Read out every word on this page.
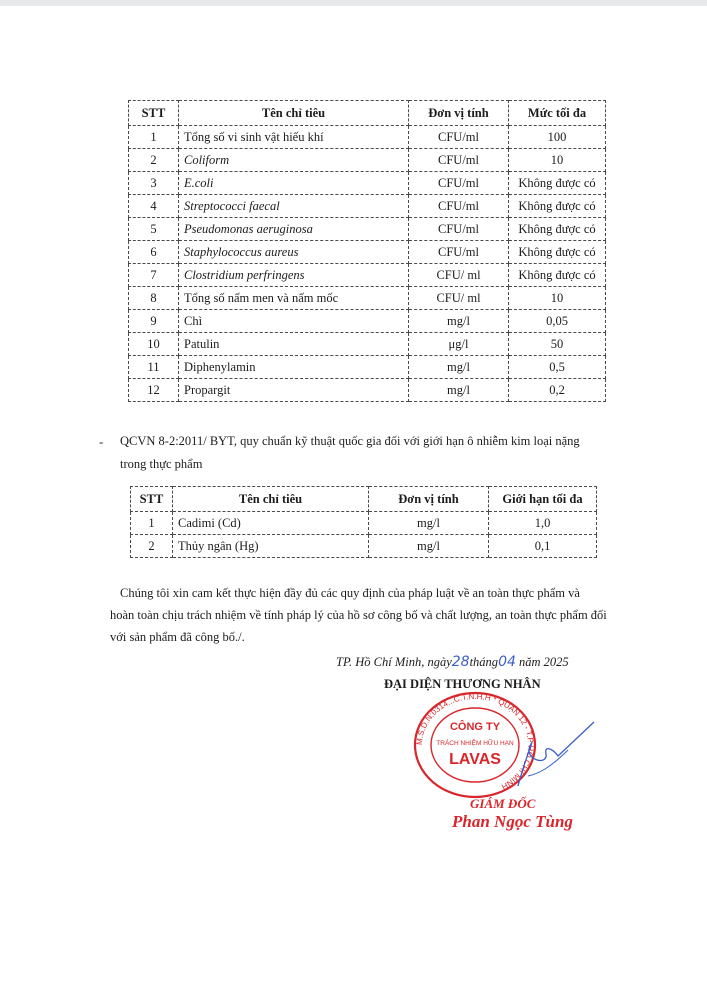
STT	Tên chỉ tiêu	Đơn vị tính	Mức tối đa
1	Tổng số vi sinh vật hiếu khí	CFU/ml	100
2	Coliform	CFU/ml	10
3	E.coli	CFU/ml	Không được có
4	Streptococci faecal	CFU/ml	Không được có
5	Pseudomonas aeruginosa	CFU/ml	Không được có
6	Staphylococcus aureus	CFU/ml	Không được có
7	Clostridium perfringens	CFU/ ml	Không được có
8	Tổng số nấm men và nấm mốc	CFU/ ml	10
9	Chì	mg/l	0,05
10	Patulin	μg/l	50
11	Diphenylamin	mg/l	0,5
12	Propargit	mg/l	0,2
- QCVN 8-2:2011/ BYT, quy chuẩn kỹ thuật quốc gia đối với giới hạn ô nhiễm kim loại nặng
trong thực phẩm
STT	Tên chỉ tiêu	Đơn vị tính	Giới hạn tối đa
1	Cadimi (Cd)	mg/l	1,0
2	Thủy ngân (Hg)	mg/l	0,1
Chúng tôi xin cam kết thực hiện đầy đủ các quy định của pháp luật về an toàn thực phẩm và
hoàn toàn chịu trách nhiệm về tính pháp lý của hồ sơ công bố và chất lượng, an toàn thực phẩm đối
với sản phẩm đã công bố./.
TP. Hồ Chí Minh, ngày28tháng04 năm 2025
ĐẠI DIỆN THƯƠNG NHÂN
M.S.D.N:0314...C.T.N.H.H * QUẬN 12 - T.P HỒ CHÍ MINH
CÔNG TY
TRÁCH NHIỆM HỮU HẠN
LAVAS
GIÁM ĐỐC
Phan Ngọc Tùng
